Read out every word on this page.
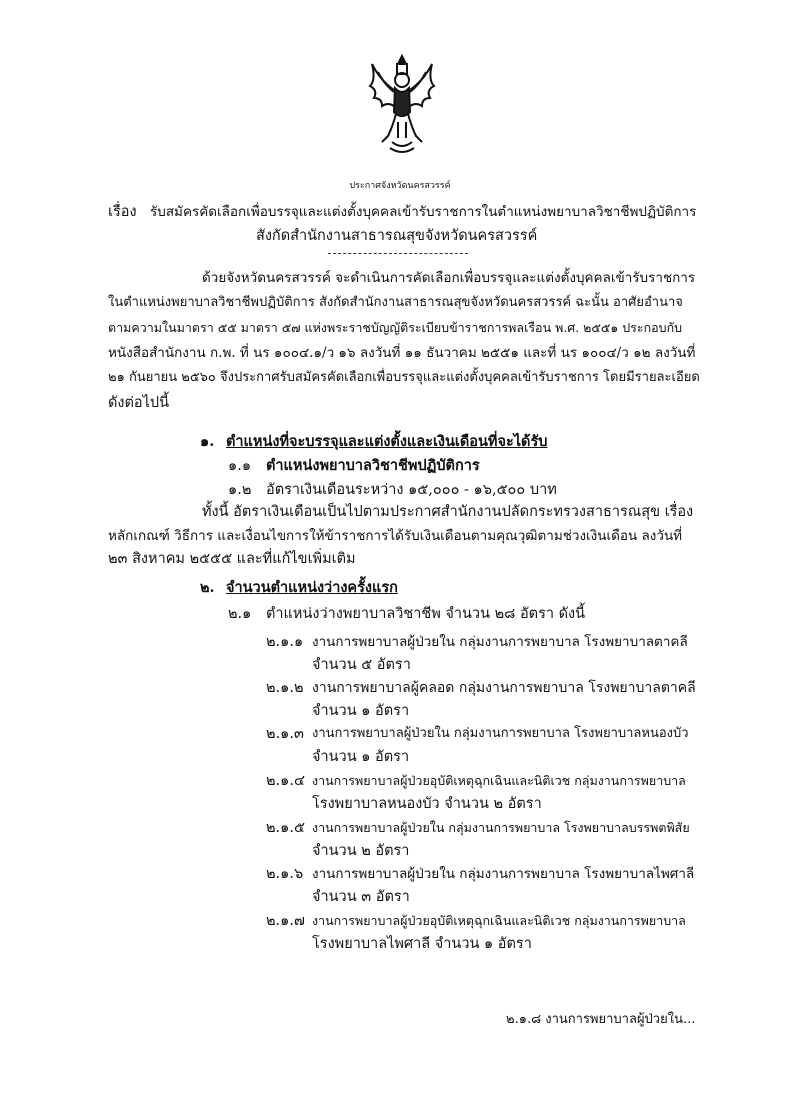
ประกาศจังหวัดนครสวรรค์
เรื่อง รับสมัครคัดเลือกเพื่อบรรจุและแต่งตั้งบุคคลเข้ารับราชการในตำแหน่งพยาบาลวิชาชีพปฏิบัติการ
สังกัดสำนักงานสาธารณสุขจังหวัดนครสวรรค์
ด้วยจังหวัดนครสวรรค์ จะดำเนินการคัดเลือกเพื่อบรรจุและแต่งตั้งบุคคลเข้ารับราชการ
ในตำแหน่งพยาบาลวิชาชีพปฏิบัติการ สังกัดสำนักงานสาธารณสุขจังหวัดนครสวรรค์ ฉะนั้น อาศัยอำนาจ
ตามความในมาตรา ๕๕ มาตรา ๕๗ แห่งพระราชบัญญัติระเบียบข้าราชการพลเรือน พ.ศ. ๒๕๕๑ ประกอบกับ
หนังสือสำนักงาน ก.พ. ที่ นร ๑๐๐๔.๑/ว ๑๖ ลงวันที่ ๑๑ ธันวาคม ๒๕๕๑ และที่ นร ๑๐๐๔/ว ๑๒ ลงวันที่
๒๑ กันยายน ๒๕๖๐ จึงประกาศรับสมัครคัดเลือกเพื่อบรรจุและแต่งตั้งบุคคลเข้ารับราชการ โดยมีรายละเอียด
ดังต่อไปนี้
๑. ตำแหน่งที่จะบรรจุและแต่งตั้งและเงินเดือนที่จะได้รับ
๑.๑ ตำแหน่งพยาบาลวิชาชีพปฏิบัติการ
๑.๒ อัตราเงินเดือนระหว่าง ๑๕,๐๐๐ - ๑๖,๕๐๐ บาท
ทั้งนี้ อัตราเงินเดือนเป็นไปตามประกาศสำนักงานปลัดกระทรวงสาธารณสุข เรื่อง
หลักเกณฑ์ วิธีการ และเงื่อนไขการให้ข้าราชการได้รับเงินเดือนตามคุณวุฒิตามช่วงเงินเดือน ลงวันที่
๒๓ สิงหาคม ๒๕๕๕ และที่แก้ไขเพิ่มเติม
๒. จำนวนตำแหน่งว่างครั้งแรก
๒.๑ ตำแหน่งว่างพยาบาลวิชาชีพ จำนวน ๒๘ อัตรา ดังนี้
๒.๑.๑ งานการพยาบาลผู้ป่วยใน กลุ่มงานการพยาบาล โรงพยาบาลตาคลี
จำนวน ๕ อัตรา
๒.๑.๒ งานการพยาบาลผู้คลอด กลุ่มงานการพยาบาล โรงพยาบาลตาคลี
จำนวน ๑ อัตรา
๒.๑.๓ งานการพยาบาลผู้ป่วยใน กลุ่มงานการพยาบาล โรงพยาบาลหนองบัว
จำนวน ๑ อัตรา
๒.๑.๔ งานการพยาบาลผู้ป่วยอุบัติเหตุฉุกเฉินและนิติเวช กลุ่มงานการพยาบาล
โรงพยาบาลหนองบัว จำนวน ๒ อัตรา
๒.๑.๕ งานการพยาบาลผู้ป่วยใน กลุ่มงานการพยาบาล โรงพยาบาลบรรพตพิสัย
จำนวน ๒ อัตรา
๒.๑.๖ งานการพยาบาลผู้ป่วยใน กลุ่มงานการพยาบาล โรงพยาบาลไพศาลี
จำนวน ๓ อัตรา
๒.๑.๗ งานการพยาบาลผู้ป่วยอุบัติเหตุฉุกเฉินและนิติเวช กลุ่มงานการพยาบาล
โรงพยาบาลไพศาลี จำนวน ๑ อัตรา
๒.๑.๘ งานการพยาบาลผู้ป่วยใน...
